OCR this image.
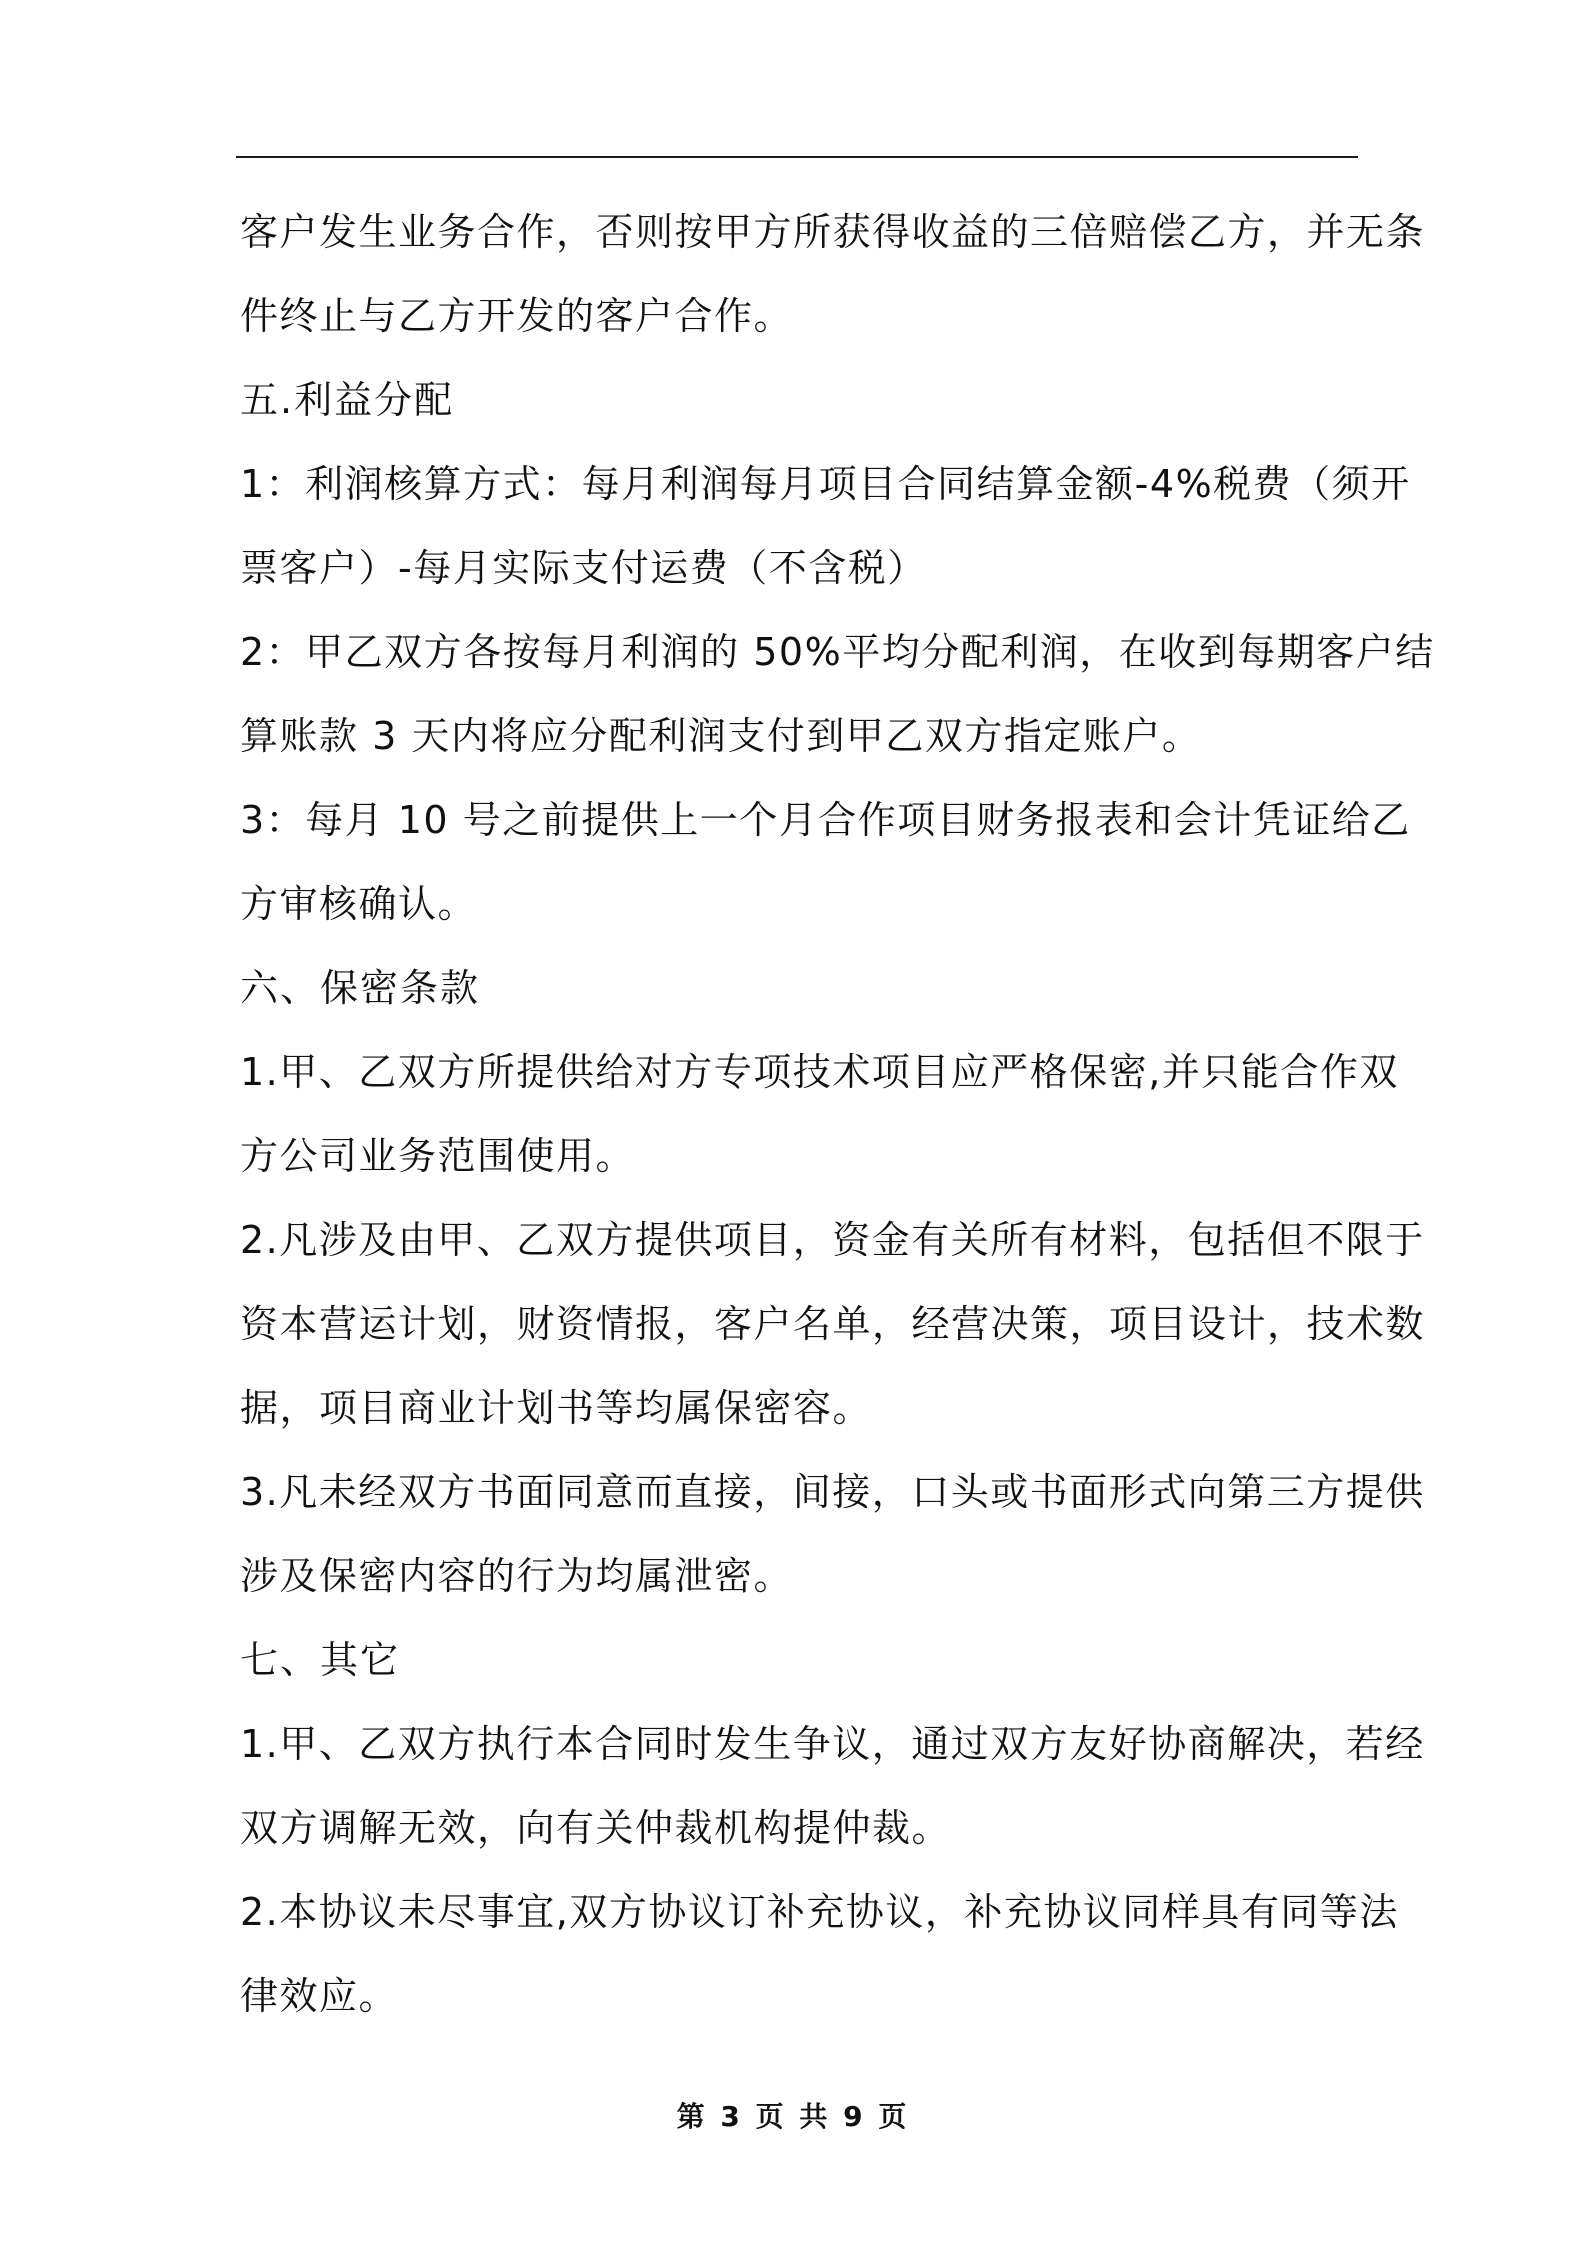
客户发生业务合作，否则按甲方所获得收益的三倍赔偿乙方，并无条
件终止与乙方开发的客户合作。
五.利益分配
1：利润核算方式：每月利润每月项目合同结算金额-4%税费（须开
票客户）-每月实际支付运费（不含税）
2：甲乙双方各按每月利润的 50%平均分配利润，在收到每期客户结
算账款 3 天内将应分配利润支付到甲乙双方指定账户。
3：每月 10 号之前提供上一个月合作项目财务报表和会计凭证给乙
方审核确认。
六、保密条款
1.甲、乙双方所提供给对方专项技术项目应严格保密,并只能合作双
方公司业务范围使用。
2.凡涉及由甲、乙双方提供项目，资金有关所有材料，包括但不限于
资本营运计划，财资情报，客户名单，经营决策，项目设计，技术数
据，项目商业计划书等均属保密容。
3.凡未经双方书面同意而直接，间接，口头或书面形式向第三方提供
涉及保密内容的行为均属泄密。
七、其它
1.甲、乙双方执行本合同时发生争议，通过双方友好协商解决，若经
双方调解无效，向有关仲裁机构提仲裁。
2.本协议未尽事宜,双方协议订补充协议，补充协议同样具有同等法
律效应。
第 3 页 共 9 页
